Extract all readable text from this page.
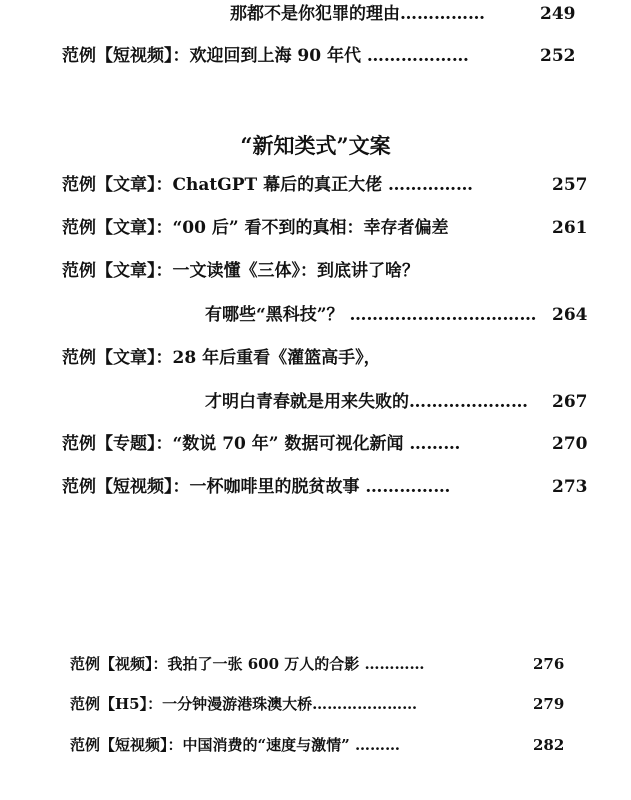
那都不是你犯罪的理由……………	249
范例【短视频】：欢迎回到上海 90 年代 ………………	252
“新知类式”文案
范例【文章】：ChatGPT 幕后的真正大佬 ……………	257
范例【文章】：“00 后” 看不到的真相：幸存者偏差	261
范例【文章】：一文读懂《三体》：到底讲了啥？
有哪些“黑科技”？ …………………………… 264
范例【文章】：28 年后重看《灌篮高手》，
才明白青春就是用来失败的………………… 267
范例【专题】：“数说 70 年” 数据可视化新闻 ………	270
范例【短视频】：一杯咖啡里的脱贫故事 ……………	273
范例【视频】：我拍了一张 600 万人的合影 …………	276
范例【H5】：一分钟漫游港珠澳大桥…………………	279
范例【短视频】：中国消费的“速度与激情” ………	282
